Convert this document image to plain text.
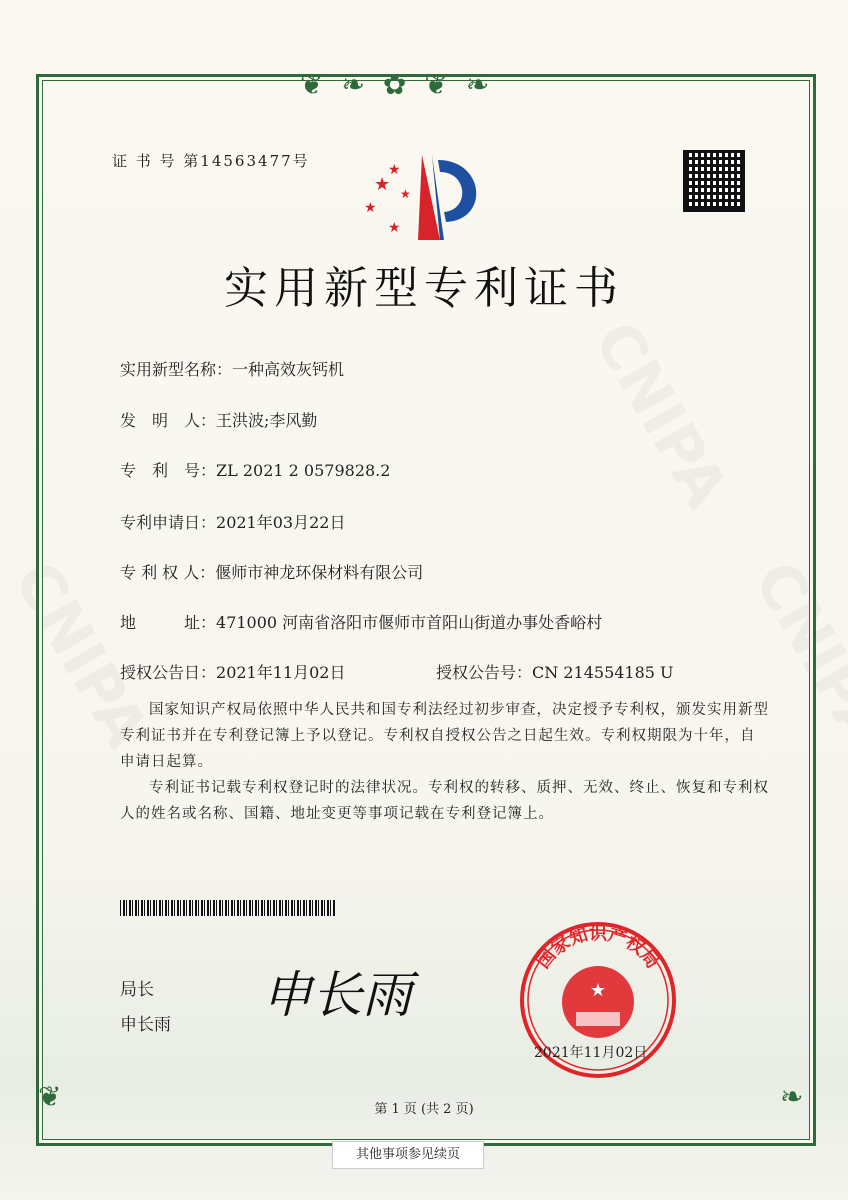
❦❧✿❦❧
❦	❧
证 书 号 第14563477号
★
★
★
★
★
实用新型专利证书
实用新型名称：一种高效灰钙机
发　明　人：王洪波;李风勤
专　利　号：ZL 2021 2 0579828.2
专利申请日：2021年03月22日
专 利 权 人：偃师市神龙环保材料有限公司
地　　　址：471000 河南省洛阳市偃师市首阳山街道办事处香峪村
授权公告日：2021年11月02日	授权公告号：CN 214554185 U

国家知识产权局依照中华人民共和国专利法经过初步审查，决定授予专利权，颁发实用新型专利证书并在专利登记簿上予以登记。专利权自授权公告之日起生效。专利权期限为十年，自申请日起算。

专利证书记载专利权登记时的法律状况。专利权的转移、质押、无效、终止、恢复和专利权人的姓名或名称、国籍、地址变更等事项记载在专利登记簿上。

局长
申长雨
申长雨	★
国家知识产权局
2021年11月02日
第 1 页 (共 2 页)
其他事项参见续页
